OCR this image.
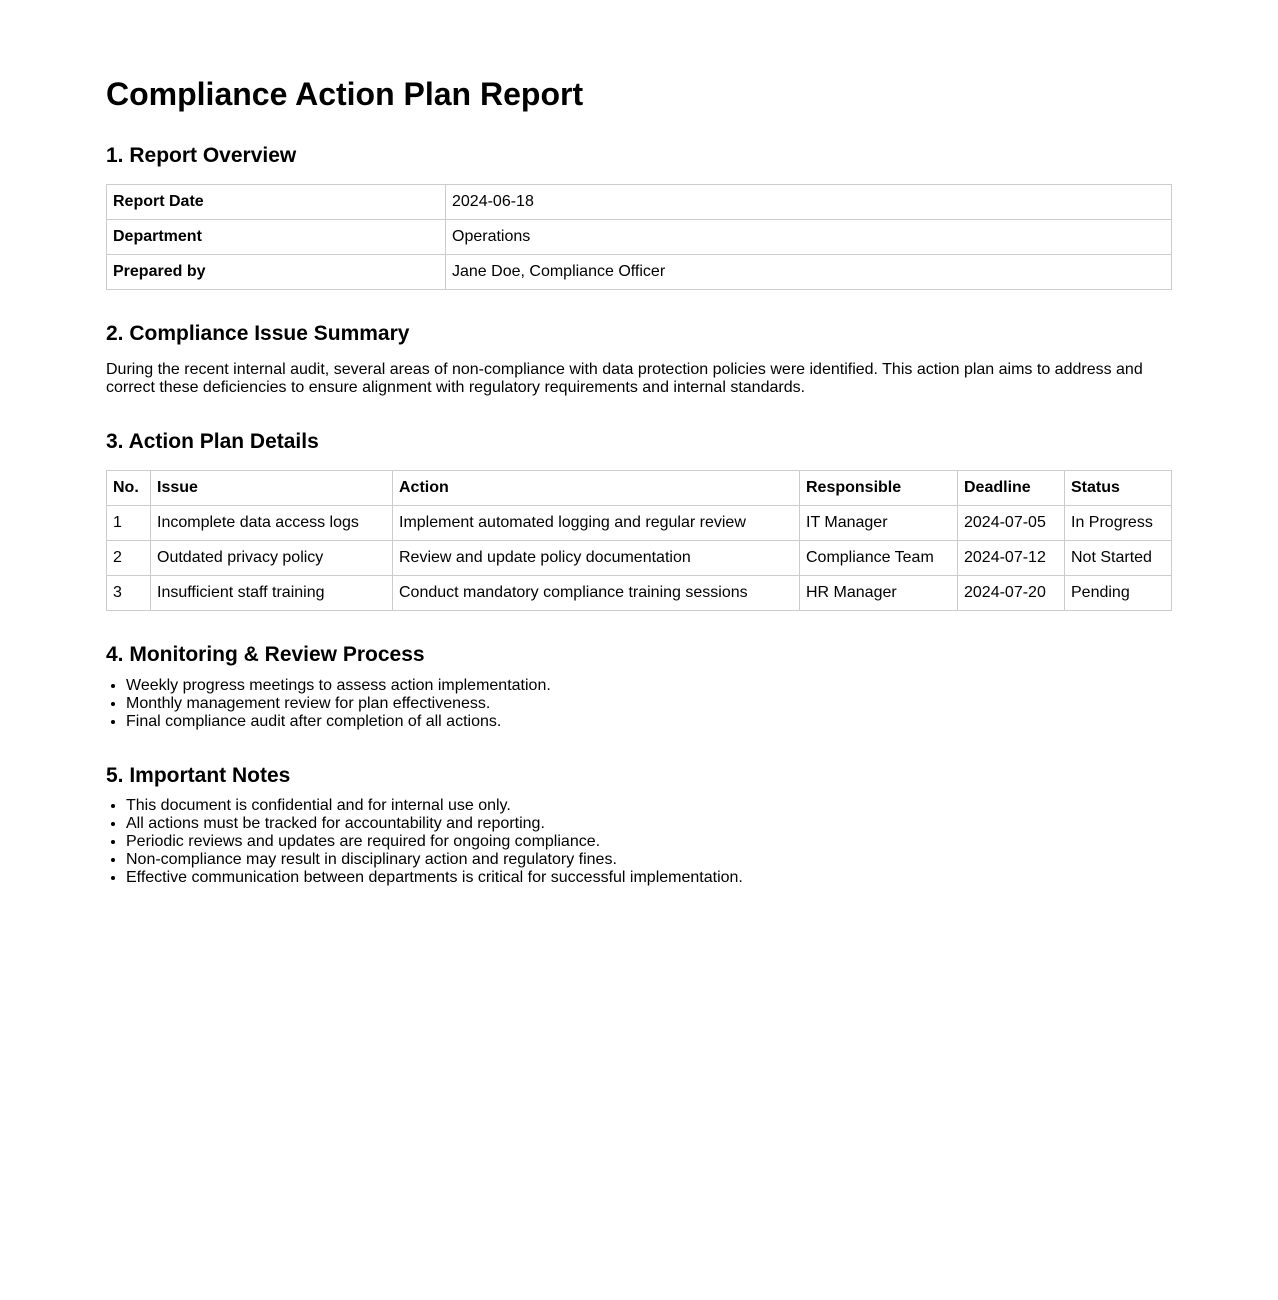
Compliance Action Plan Report
1. Report Overview
Report Date	2024-06-18
Department	Operations
Prepared by	Jane Doe, Compliance Officer
2. Compliance Issue Summary

During the recent internal audit, several areas of non-compliance with data protection policies were identified. This action plan aims to address and correct these deficiencies to ensure alignment with regulatory requirements and internal standards.

3. Action Plan Details
No.	Issue	Action	Responsible	Deadline	Status
1	Incomplete data access logs	Implement automated logging and regular review	IT Manager	2024-07-05	In Progress
2	Outdated privacy policy	Review and update policy documentation	Compliance Team	2024-07-12	Not Started
3	Insufficient staff training	Conduct mandatory compliance training sessions	HR Manager	2024-07-20	Pending
4. Monitoring & Review Process
• Weekly progress meetings to assess action implementation.
• Monthly management review for plan effectiveness.
• Final compliance audit after completion of all actions.
5. Important Notes
• This document is confidential and for internal use only.
• All actions must be tracked for accountability and reporting.
• Periodic reviews and updates are required for ongoing compliance.
• Non-compliance may result in disciplinary action and regulatory fines.
• Effective communication between departments is critical for successful implementation.
